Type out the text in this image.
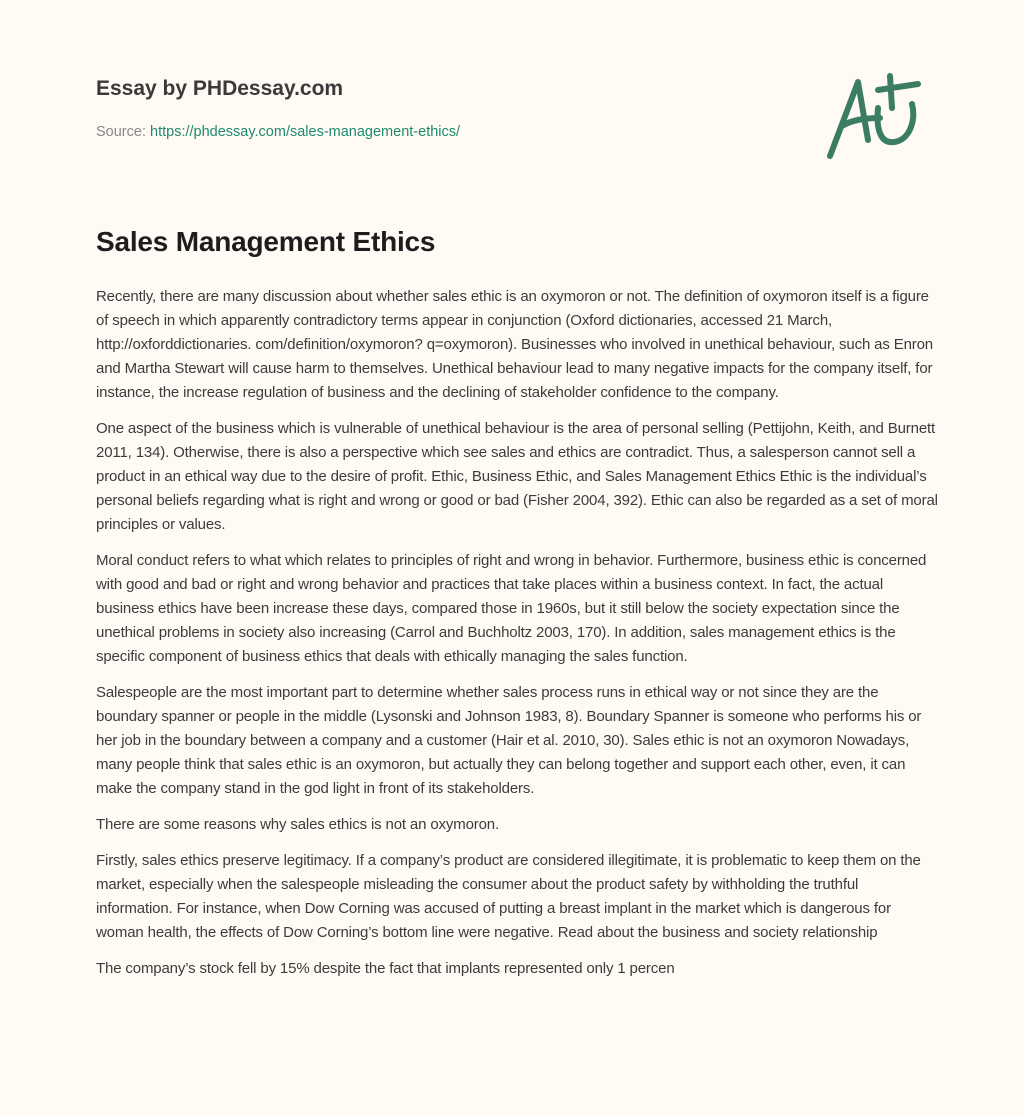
Essay by PHDessay.com
Source: https://phdessay.com/sales-management-ethics/
Sales Management Ethics

Recently, there are many discussion about whether sales ethic is an oxymoron or not. The definition of oxymoron itself is a figure of speech in which apparently contradictory terms appear in conjunction (Oxford dictionaries, accessed 21 March, http://oxforddictionaries. com/definition/oxymoron? q=oxymoron). Businesses who involved in unethical behaviour, such as Enron and Martha Stewart will cause harm to themselves. Unethical behaviour lead to many negative impacts for the company itself, for instance, the increase regulation of business and the declining of stakeholder confidence to the company.

One aspect of the business which is vulnerable of unethical behaviour is the area of personal selling (Pettijohn, Keith, and Burnett 2011, 134). Otherwise, there is also a perspective which see sales and ethics are contradict. Thus, a salesperson cannot sell a product in an ethical way due to the desire of profit. Ethic, Business Ethic, and Sales Management Ethics Ethic is the individual’s personal beliefs regarding what is right and wrong or good or bad (Fisher 2004, 392). Ethic can also be regarded as a set of moral principles or values.

Moral conduct refers to what which relates to principles of right and wrong in behavior. Furthermore, business ethic is concerned with good and bad or right and wrong behavior and practices that take places within a business context. In fact, the actual business ethics have been increase these days, compared those in 1960s, but it still below the society expectation since the unethical problems in society also increasing (Carrol and Buchholtz 2003, 170). In addition, sales management ethics is the specific component of business ethics that deals with ethically managing the sales function.

Salespeople are the most important part to determine whether sales process runs in ethical way or not since they are the boundary spanner or people in the middle (Lysonski and Johnson 1983, 8). Boundary Spanner is someone who performs his or her job in the boundary between a company and a customer (Hair et al. 2010, 30). Sales ethic is not an oxymoron Nowadays, many people think that sales ethic is an oxymoron, but actually they can belong together and support each other, even, it can make the company stand in the god light in front of its stakeholders.

There are some reasons why sales ethics is not an oxymoron.

Firstly, sales ethics preserve legitimacy. If a company’s product are considered illegitimate, it is problematic to keep them on the market, especially when the salespeople misleading the consumer about the product safety by withholding the truthful information. For instance, when Dow Corning was accused of putting a breast implant in the market which is dangerous for woman health, the effects of Dow Corning’s bottom line were negative. Read about the business and society relationship

The company’s stock fell by 15% despite the fact that implants represented only 1 percen
